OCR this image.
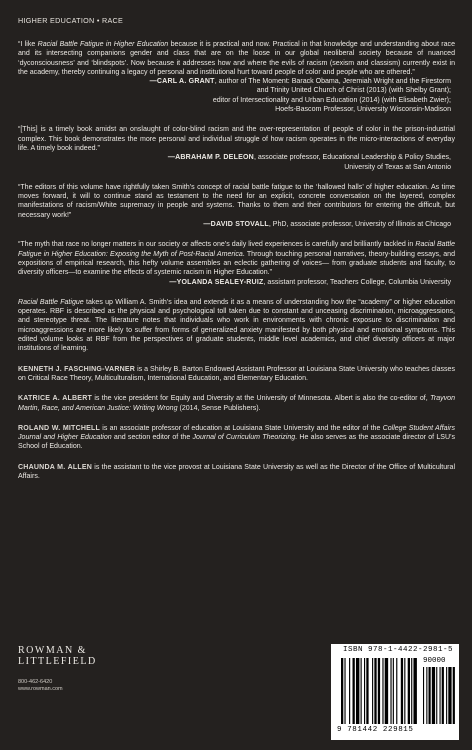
HIGHER EDUCATION • RACE

“I like Racial Battle Fatigue in Higher Education because it is practical and now. Practical in that knowledge and understanding about race and its intersecting companions gender and class that are on the loose in our global neoliberal society because of nuanced ‘dyconsciousness’ and ‘blindspots’. Now because it addresses how and where the evils of racism (sexism and classism) currently exist in the academy, thereby continuing a legacy of personal and institutional hurt toward people of color and people who are othered.”

—CARL A. GRANT, author of The Moment: Barack Obama, Jeremiah Wright and the Firestorm

and Trinity United Church of Christ (2013) (with Shelby Grant);

editor of Intersectionality and Urban Education (2014) (with Elisabeth Zwier);

Hoefs-Bascom Professor, University Wisconsin-Madison

“[This] is a timely book amidst an onslaught of color-blind racism and the over-representation of people of color in the prison-industrial complex. This book demonstrates the more personal and individual struggle of how racism operates in the micro-interactions of everyday life. A timely book indeed.”

—ABRAHAM P. DELEON, associate professor, Educational Leadership & Policy Studies,

University of Texas at San Antonio

“The editors of this volume have rightfully taken Smith’s concept of racial battle fatigue to the ‘hallowed halls’ of higher education. As time moves forward, it will to continue stand as testament to the need for an explicit, concrete conversation on the layered, complex manifestations of racism/White supremacy in people and systems. Thanks to them and their contributors for entering the difficult, but necessary work!”

—DAVID STOVALL, PhD, associate professor, University of Illinois at Chicago

“The myth that race no longer matters in our society or affects one’s daily lived experiences is carefully and brilliantly tackled in Racial Battle Fatigue in Higher Education: Exposing the Myth of Post-Racial America. Through touching personal narratives, theory-building essays, and expositions of empirical research, this hefty volume assembles an eclectic gathering of voices— from graduate students and faculty, to diversity officers—to examine the effects of systemic racism in Higher Education.”

—YOLANDA SEALEY-RUIZ, assistant professor, Teachers College, Columbia University

Racial Battle Fatigue takes up William A. Smith’s idea and extends it as a means of understanding how the “academy” or higher education operates. RBF is described as the physical and psychological toll taken due to constant and unceasing discrimination, microaggressions, and stereotype threat. The literature notes that individuals who work in environments with chronic exposure to discrimination and microaggressions are more likely to suffer from forms of generalized anxiety manifested by both physical and emotional symptoms. This edited volume looks at RBF from the perspectives of graduate students, middle level academics, and chief diversity officers at major institutions of learning.

KENNETH J. FASCHING-VARNER is a Shirley B. Barton Endowed Assistant Professor at Louisiana State University who teaches classes on Critical Race Theory, Multiculturalism, International Education, and Elementary Education.

KATRICE A. ALBERT is the vice president for Equity and Diversity at the University of Minnesota. Albert is also the co-editor of, Trayvon Martin, Race, and American Justice: Writing Wrong (2014, Sense Publishers).

ROLAND W. MITCHELL is an associate professor of education at Louisiana State University and the editor of the College Student Affairs Journal and Higher Education and section editor of the Journal of Curriculum Theorizing. He also serves as the associate director of LSU’s School of Education.

CHAUNDA M. ALLEN is the assistant to the vice provost at Louisiana State University as well as the Director of the Office of Multicultural Affairs.

ROWMAN &
LITTLEFIELD
800-462-6420
www.rowman.com
ISBN 978-1-4422-2981-5
90000
9 781442 229815
